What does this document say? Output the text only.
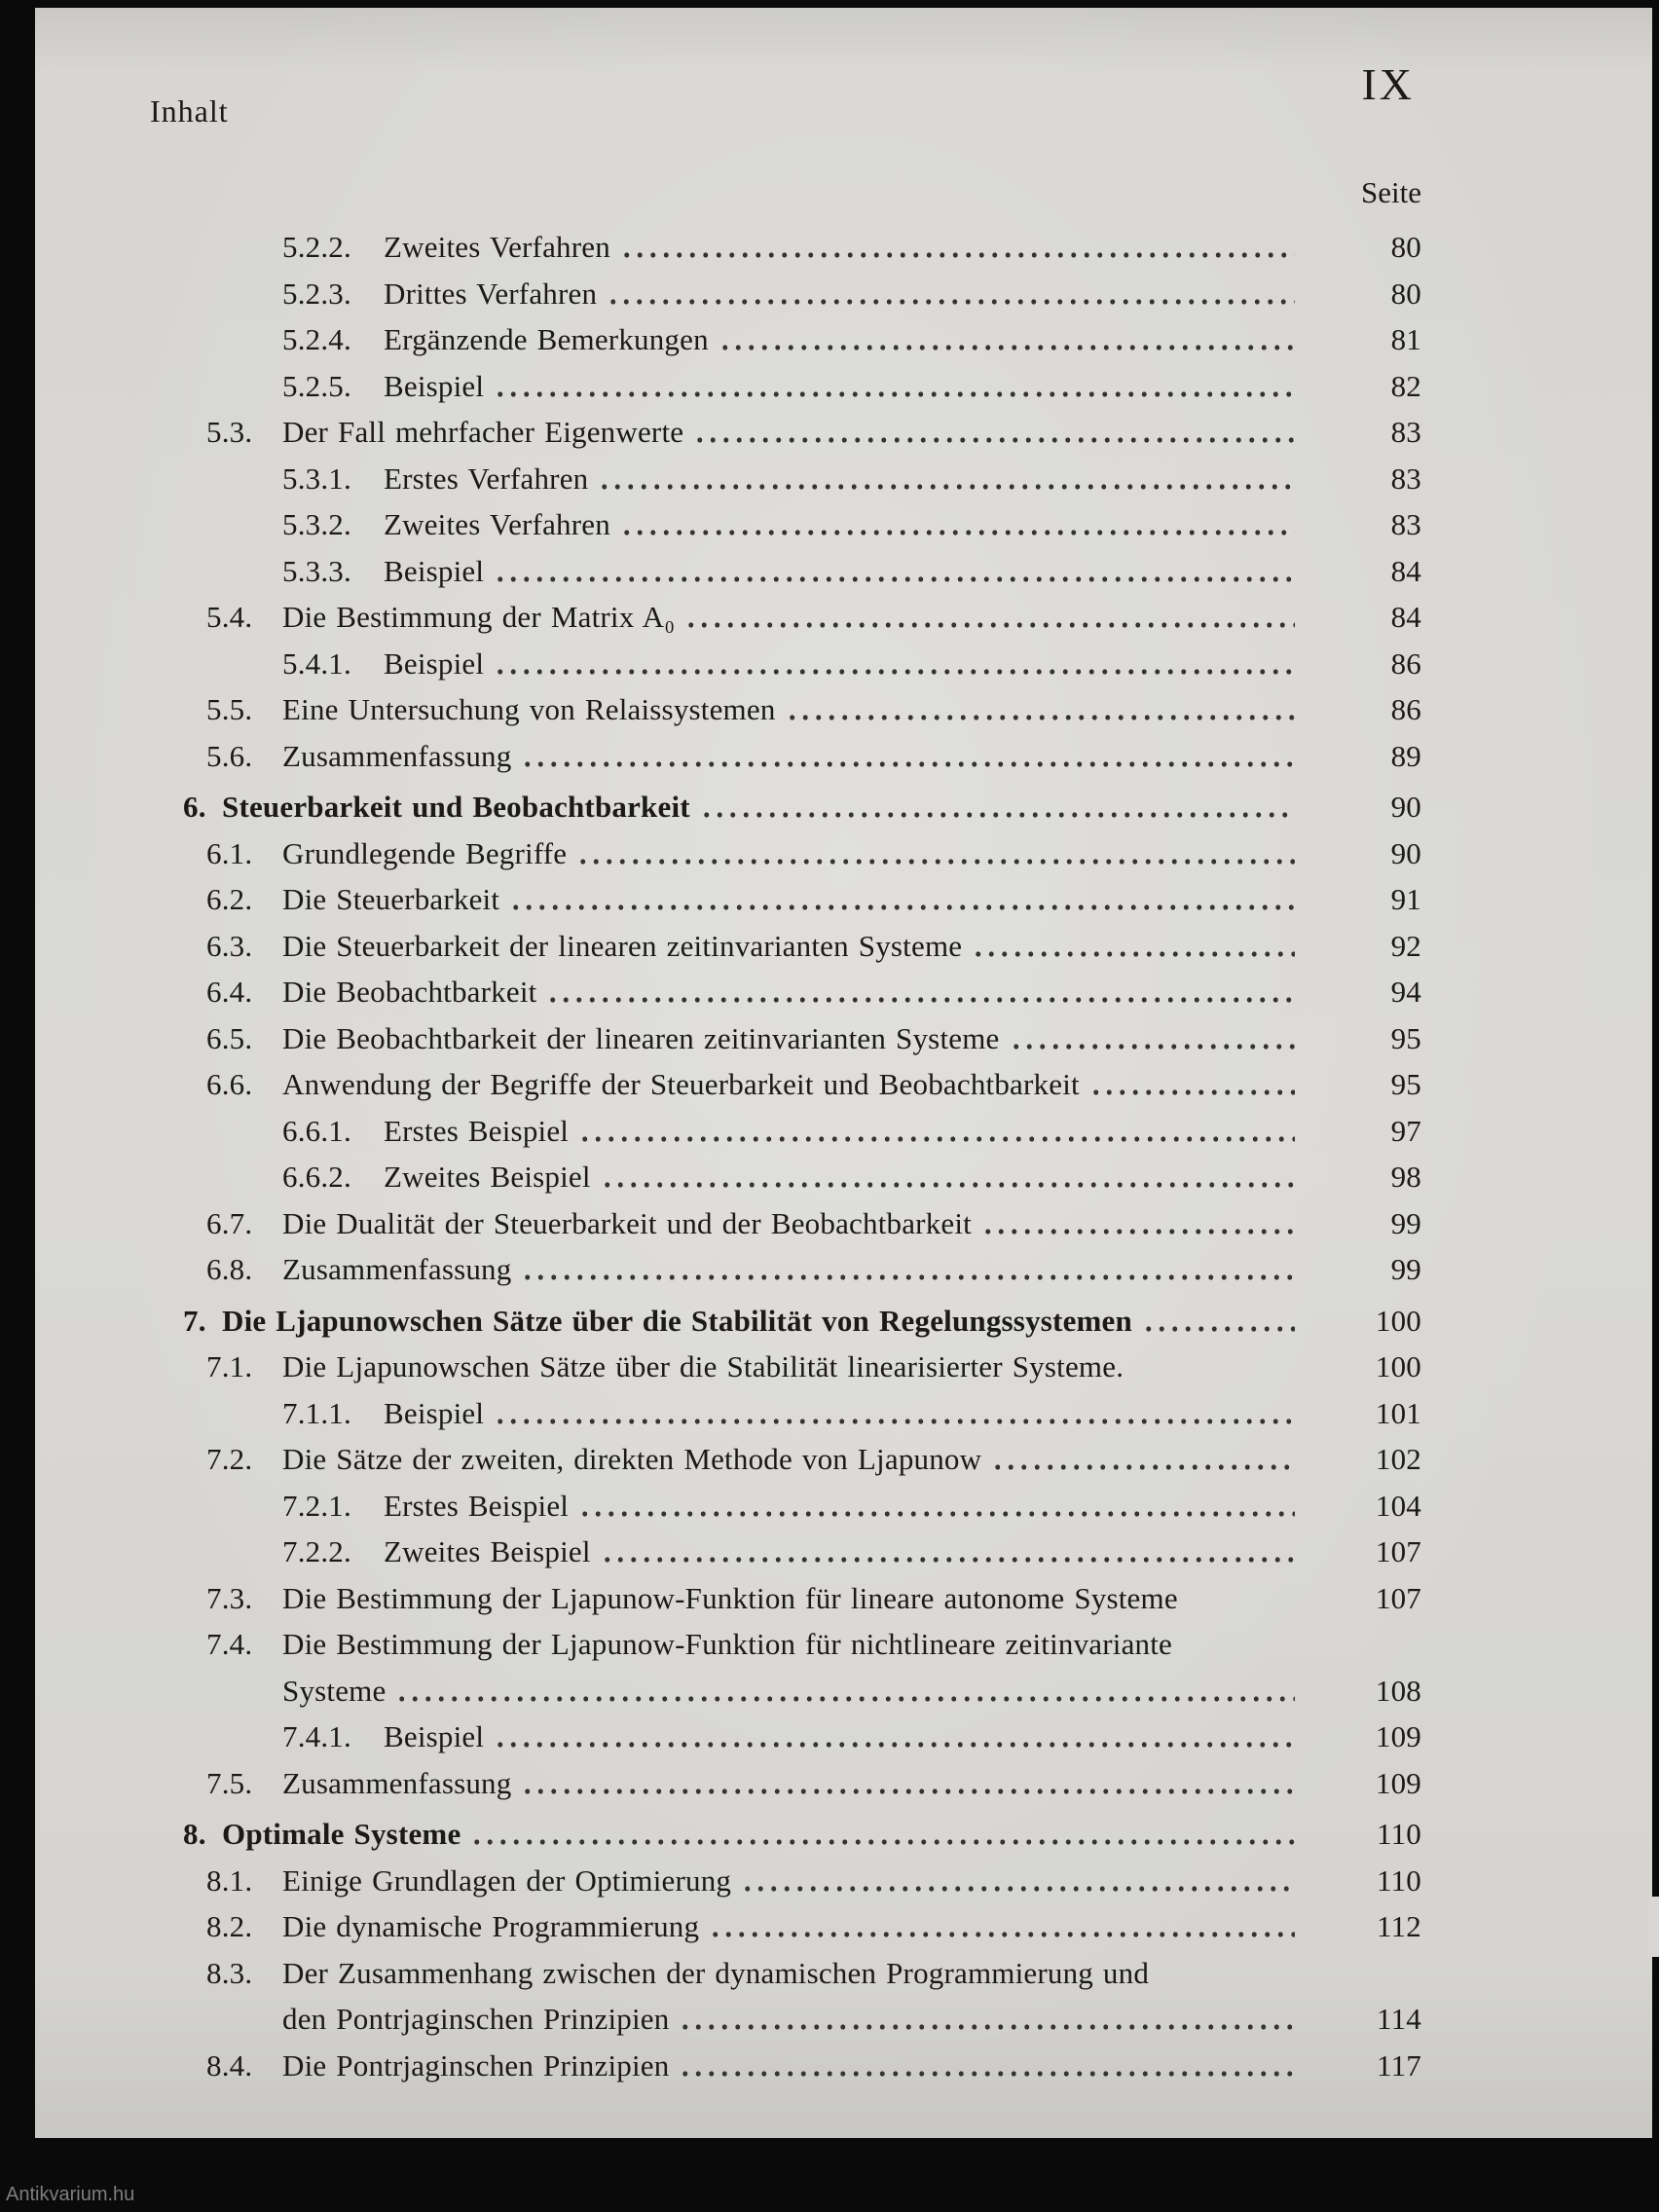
Inhalt
IX
Seite
5.2.2.	Zweites Verfahren	80
5.2.3.	Drittes Verfahren	80
5.2.4.	Ergänzende Bemerkungen	81
5.2.5.	Beispiel	82
5.3. Der Fall mehrfacher Eigenwerte	83
5.3.1.	Erstes Verfahren	83
5.3.2.	Zweites Verfahren	83
5.3.3.	Beispiel	84
5.4. Die Bestimmung der Matrix A₀	84
5.4.1.	Beispiel	86
5.5. Eine Untersuchung von Relaissystemen	86
5.6. Zusammenfassung	89
6. Steuerbarkeit und Beobachtbarkeit	90
6.1. Grundlegende Begriffe	90
6.2. Die Steuerbarkeit	91
6.3. Die Steuerbarkeit der linearen zeitinvarianten Systeme	92
6.4. Die Beobachtbarkeit	94
6.5. Die Beobachtbarkeit der linearen zeitinvarianten Systeme	95
6.6. Anwendung der Begriffe der Steuerbarkeit und Beobachtbarkeit	95
6.6.1.	Erstes Beispiel	97
6.6.2.	Zweites Beispiel	98
6.7. Die Dualität der Steuerbarkeit und der Beobachtbarkeit	99
6.8. Zusammenfassung	99
7. Die Ljapunowschen Sätze über die Stabilität von Regelungssystemen	100
7.1. Die Ljapunowschen Sätze über die Stabilität linearisierter Systeme.	100
7.1.1.	Beispiel	101
7.2. Die Sätze der zweiten, direkten Methode von Ljapunow	102
7.2.1.	Erstes Beispiel	104
7.2.2.	Zweites Beispiel	107
7.3. Die Bestimmung der Ljapunow-Funktion für lineare autonome Systeme	107
7.4. Die Bestimmung der Ljapunow-Funktion für nichtlineare zeitinvariante
Systeme	108
7.4.1.	Beispiel	109
7.5. Zusammenfassung	109
8. Optimale Systeme	110
8.1. Einige Grundlagen der Optimierung	110
8.2. Die dynamische Programmierung	112
8.3. Der Zusammenhang zwischen der dynamischen Programmierung und
den Pontrjaginschen Prinzipien	114
8.4. Die Pontrjaginschen Prinzipien	117
Antikvarium.hu
